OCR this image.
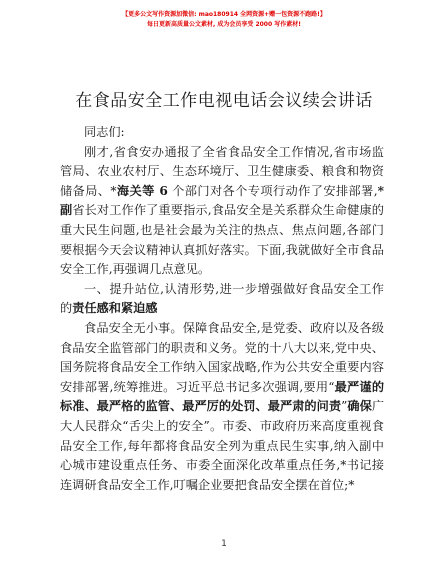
【更多公文写作资源加微信: mao180914 全网资源+赠一包资源不跑路!】
每日更新高质量公文素材, 成为会员享受 2000 写作素材!
在食品安全工作电视电话会议续会讲话

同志们:

刚才,省食安办通报了全省食品安全工作情况,省市场监管局、农业农村厅、生态环境厅、卫生健康委、粮食和物资储备局、*海关等 6 个部门对各个专项行动作了安排部署,*副省长对工作作了重要指示,食品安全是关系群众生命健康的重大民生问题,也是社会最为关注的热点、焦点问题,各部门要根据今天会议精神认真抓好落实。下面,我就做好全市食品安全工作,再强调几点意见。

一、提升站位,认清形势,进一步增强做好食品安全工作的责任感和紧迫感

食品安全无小事。保障食品安全,是党委、政府以及各级食品安全监管部门的职责和义务。党的十八大以来,党中央、国务院将食品安全工作纳入国家战略,作为公共安全重要内容安排部署,统筹推进。习近平总书记多次强调,要用“最严谨的标准、最严格的监管、最严厉的处罚、最严肃的问责”确保广大人民群众“舌尖上的安全”。市委、市政府历来高度重视食品安全工作,每年都将食品安全列为重点民生实事,纳入副中心城市建设重点任务、市委全面深化改革重点任务,*书记接连调研食品安全工作,叮嘱企业要把食品安全摆在首位;*

1
